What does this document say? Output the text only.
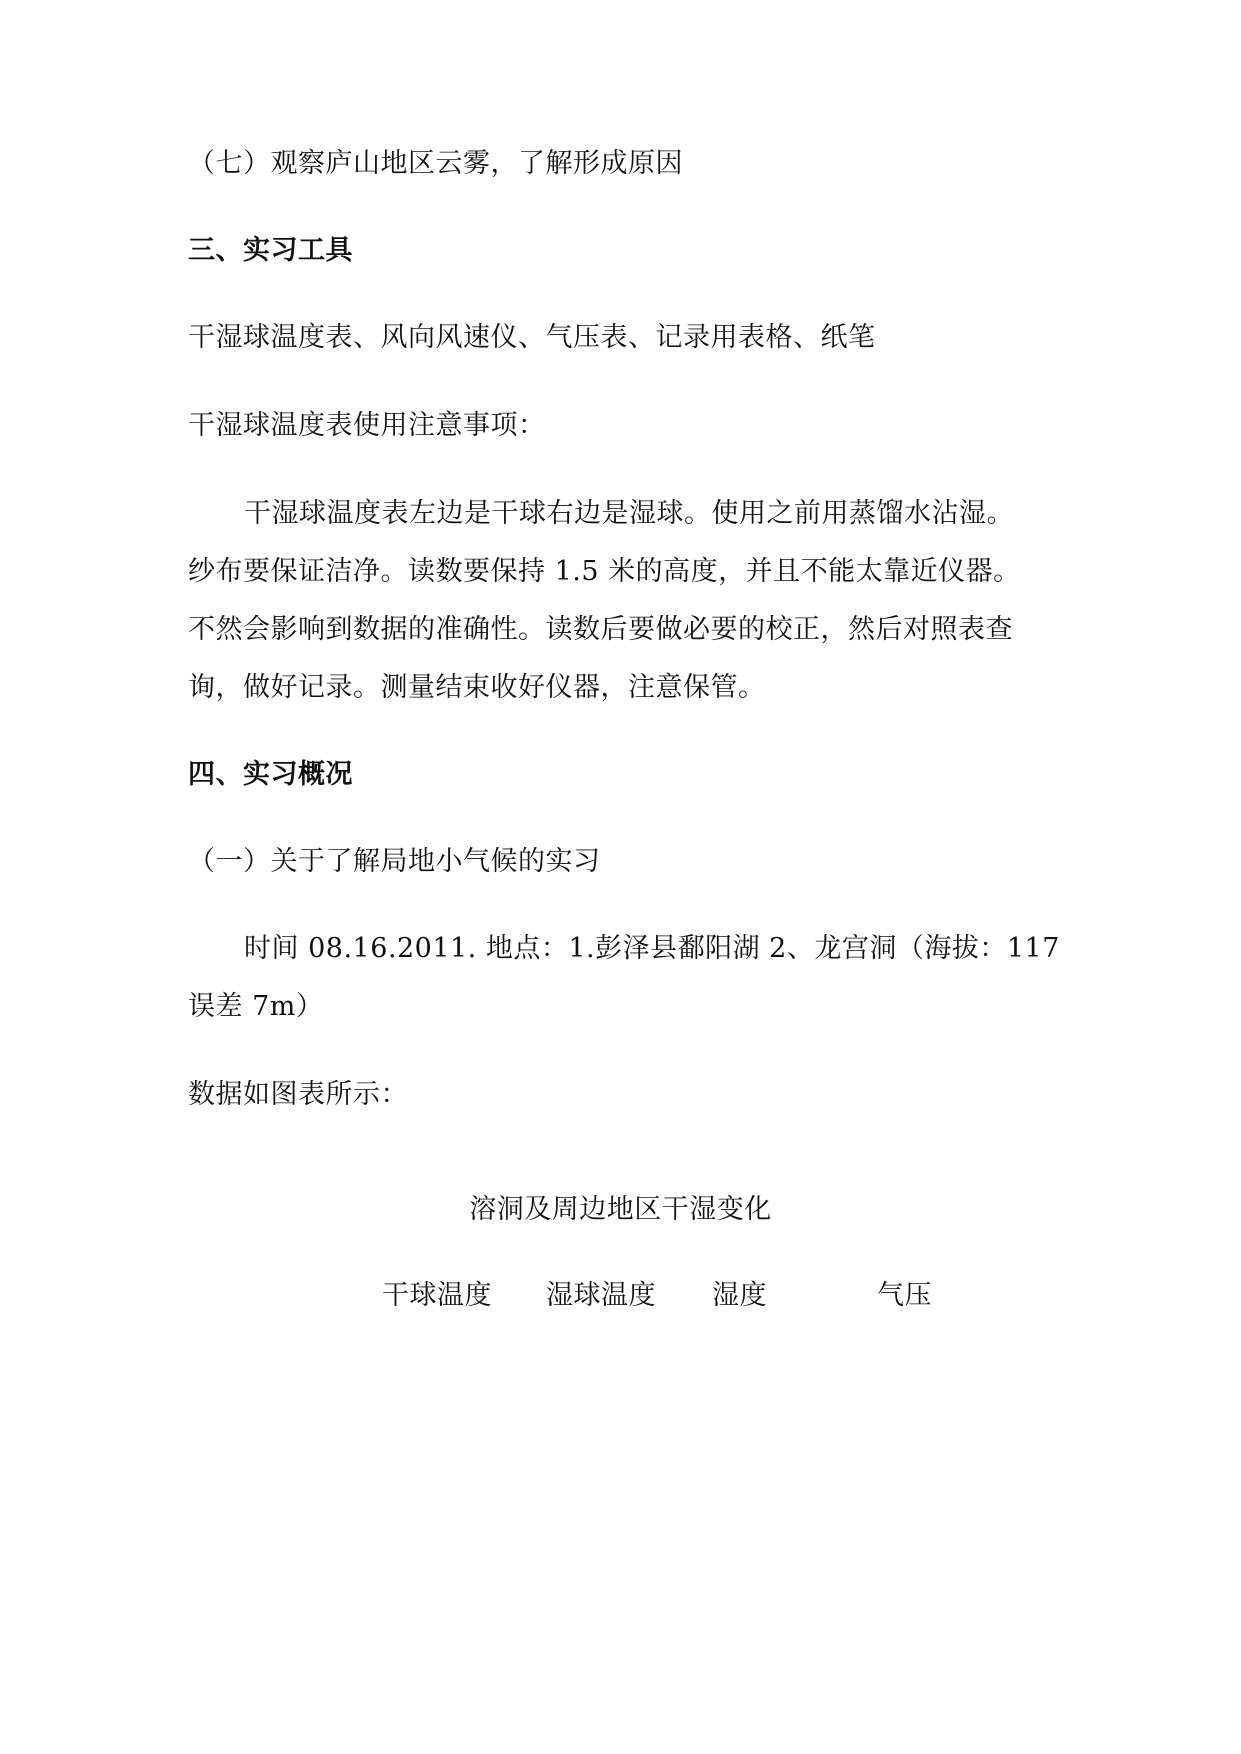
（七）观察庐山地区云雾，了解形成原因
三、实习工具
干湿球温度表、风向风速仪、气压表、记录用表格、纸笔
干湿球温度表使用注意事项：
干湿球温度表左边是干球右边是湿球。使用之前用蒸馏水沾湿。
纱布要保证洁净。读数要保持 1.5 米的高度，并且不能太靠近仪器。
不然会影响到数据的准确性。读数后要做必要的校正，然后对照表查
询，做好记录。测量结束收好仪器，注意保管。
四、实习概况
（一）关于了解局地小气候的实习
时间 08.16.2011. 地点：1.彭泽县鄱阳湖 2、龙宫洞（海拔：117
误差 7m）
数据如图表所示：
溶洞及周边地区干湿变化
干球温度 湿球温度 湿度	气压
